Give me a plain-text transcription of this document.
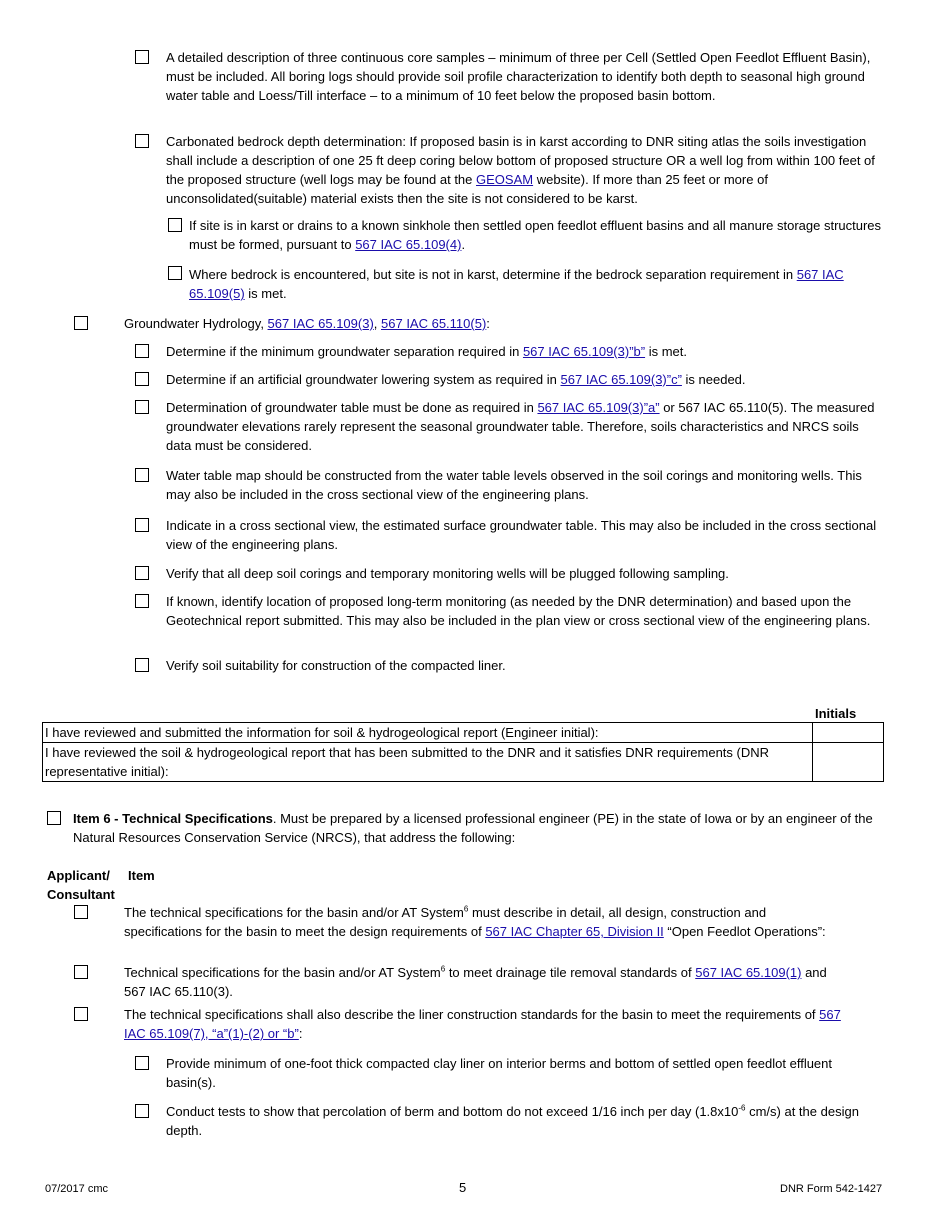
A detailed description of three continuous core samples – minimum of three per Cell (Settled Open Feedlot Effluent Basin), must be included. All boring logs should provide soil profile characterization to identify both depth to seasonal high ground water table and Loess/Till interface – to a minimum of 10 feet below the proposed basin bottom.
Carbonated bedrock depth determination: If proposed basin is in karst according to DNR siting atlas the soils investigation shall include a description of one 25 ft deep coring below bottom of proposed structure OR a well log from within 100 feet of the proposed structure (well logs may be found at the GEOSAM website). If more than 25 feet or more of unconsolidated(suitable) material exists then the site is not considered to be karst.
If site is in karst or drains to a known sinkhole then settled open feedlot effluent basins and all manure storage structures must be formed, pursuant to 567 IAC 65.109(4).
Where bedrock is encountered, but site is not in karst, determine if the bedrock separation requirement in 567 IAC 65.109(5) is met.
Groundwater Hydrology, 567 IAC 65.109(3), 567 IAC 65.110(5):
Determine if the minimum groundwater separation required in 567 IAC 65.109(3)”b” is met.
Determine if an artificial groundwater lowering system as required in 567 IAC 65.109(3)”c” is needed.
Determination of groundwater table must be done as required in 567 IAC 65.109(3)”a” or 567 IAC 65.110(5). The measured groundwater elevations rarely represent the seasonal groundwater table. Therefore, soils characteristics and NRCS soils data must be considered.
Water table map should be constructed from the water table levels observed in the soil corings and monitoring wells. This may also be included in the cross sectional view of the engineering plans.
Indicate in a cross sectional view, the estimated surface groundwater table. This may also be included in the cross sectional view of the engineering plans.
Verify that all deep soil corings and temporary monitoring wells will be plugged following sampling.
If known, identify location of proposed long-term monitoring (as needed by the DNR determination) and based upon the Geotechnical report submitted. This may also be included in the plan view or cross sectional view of the engineering plans.
Verify soil suitability for construction of the compacted liner.
Initials
I have reviewed and submitted the information for soil & hydrogeological report (Engineer initial):	
I have reviewed the soil & hydrogeological report that has been submitted to the DNR and it satisfies DNR requirements (DNR representative initial):	
Item 6 - Technical Specifications. Must be prepared by a licensed professional engineer (PE) in the state of Iowa or by an engineer of the Natural Resources Conservation Service (NRCS), that address the following:
Applicant/
Consultant
Item
The technical specifications for the basin and/or AT System$^6$ must describe in detail, all design, construction and specifications for the basin to meet the design requirements of 567 IAC Chapter 65, Division II “Open Feedlot Operations”:
Technical specifications for the basin and/or AT System$^6$ to meet drainage tile removal standards of 567 IAC 65.109(1) and 567 IAC 65.110(3).
The technical specifications shall also describe the liner construction standards for the basin to meet the requirements of 567 IAC 65.109(7), “a”(1)-(2) or “b”:
Provide minimum of one-foot thick compacted clay liner on interior berms and bottom of settled open feedlot effluent basin(s).
Conduct tests to show that percolation of berm and bottom do not exceed 1/16 inch per day ($1.8x10^{-6}$ cm/s) at the design depth.
07/2017 cmc	5	DNR Form 542-1427
